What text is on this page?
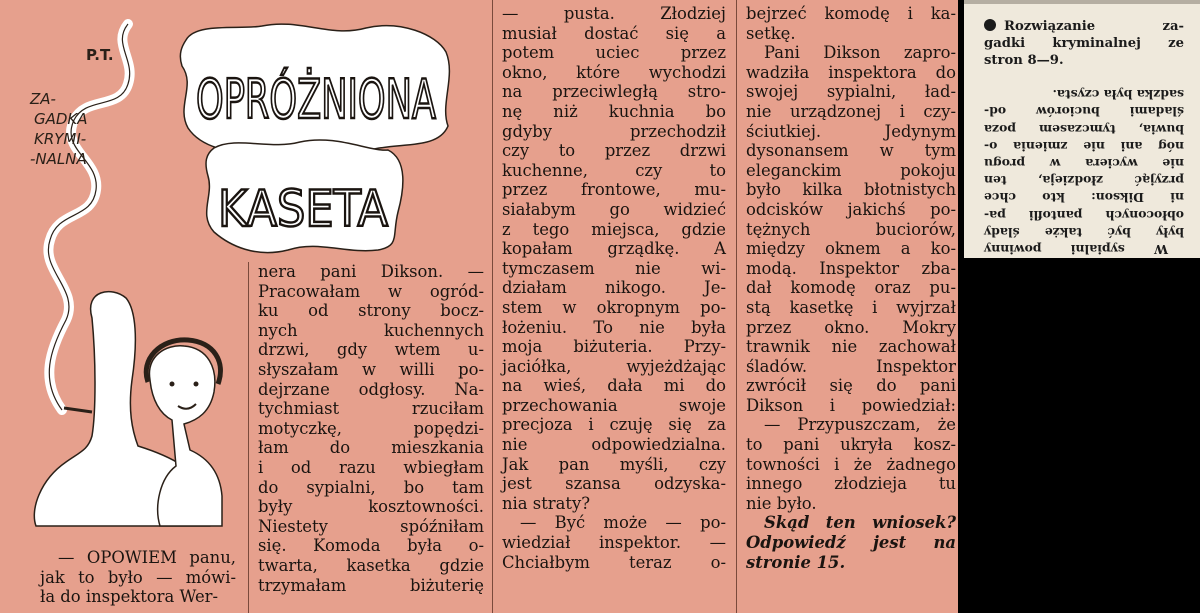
P.T.
ZA-
GADKA
KRYMI-
-NALNA
OPRÓŻNIONA
KASETA
— OPOWIEM panu,
jak to było — mówi-
ła do inspektora Wer-
nera pani Dikson. —
Pracowałam w ogród-
ku od strony bocz-
nych kuchennych
drzwi, gdy wtem u-
słyszałam w willi po-
dejrzane odgłosy. Na-
tychmiast rzuciłam
motyczkę, popędzi-
łam do mieszkania
i od razu wbiegłam
do sypialni, bo tam
były kosztowności.
Niestety spóźniłam
się. Komoda była o-
twarta, kasetka gdzie
trzymałam biżuterię
— pusta. Złodziej
musiał dostać się a
potem uciec przez
okno, które wychodzi
na przeciwległą stro-
nę niż kuchnia bo
gdyby przechodził
czy to przez drzwi
kuchenne, czy to
przez frontowe, mu-
siałabym go widzieć
z tego miejsca, gdzie
kopałam grządkę. A
tymczasem nie wi-
działam nikogo. Je-
stem w okropnym po-
łożeniu. To nie była
moja biżuteria. Przy-
jaciółka, wyjeżdżając
na wieś, dała mi do
przechowania swoje
precjoza i czuję się za
nie odpowiedzialna.
Jak pan myśli, czy
jest szansa odzyska-
nia straty?
— Być może — po-
wiedział inspektor. —
Chciałbym teraz o-
bejrzeć komodę i ka-
setkę.
Pani Dikson zapro-
wadziła inspektora do
swojej sypialni, ład-
nie urządzonej i czy-
ściutkiej. Jedynym
dysonansem w tym
eleganckim pokoju
było kilka błotnistych
odcisków jakichś po-
tężnych buciorów,
między oknem a ko-
modą. Inspektor zba-
dał komodę oraz pu-
stą kasetkę i wyjrzał
przez okno. Mokry
trawnik nie zachował
śladów. Inspektor
zwrócił się do pani
Dikson i powiedział:
— Przypuszczam, że
to pani ukryła kosz-
towności i że żadnego
innego złodzieja tu
nie było.
Skąd ten wniosek?
Odpowiedź jest na
stronie 15.
Rozwiązanie za-
gadki kryminalnej ze
stron 8—9.
W sypialni powinny
były być także ślady
obłoconych pantofli pa-
ni Dikson: kto chce
przyjąć złodzieja, ten
nie wyciera w progu
nóg ani nie zmienia o-
buwia, tymczasem poza
śladami buciorów od-
sadzka była czysta.
